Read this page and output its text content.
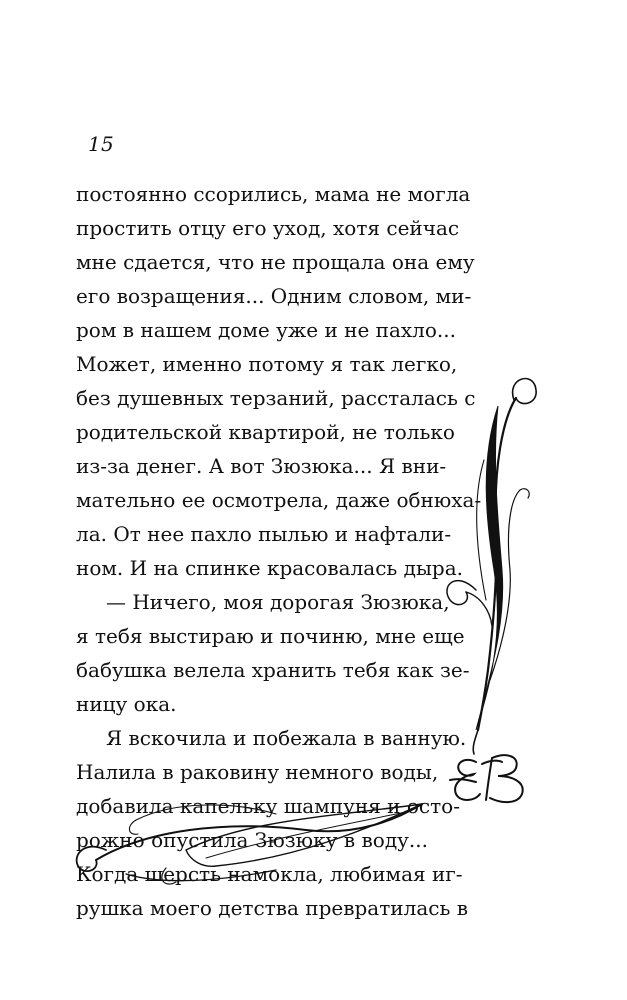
15
постоянно ссорились, мама не могла
простить отцу его уход, хотя сейчас
мне сдается, что не прощала она ему
его возращения... Одним словом, ми-
ром в нашем доме уже и не пахло...
Может, именно потому я так легко,
без душевных терзаний, рассталась с
родительской квартирой, не только
из-за денег. А вот Зюзюка... Я вни-
мательно ее осмотрела, даже обнюха-
ла. От нее пахло пылью и нафтали-
ном. И на спинке красовалась дыра.
— Ничего, моя дорогая Зюзюка,
я тебя выстираю и починю, мне еще
бабушка велела хранить тебя как зе-
ницу ока.
Я вскочила и побежала в ванную.
Налила в раковину немного воды,
добавила капельку шампуня и осто-
рожно опустила Зюзюку в воду...
Когда шерсть намокла, любимая иг-
рушка моего детства превратилась в
